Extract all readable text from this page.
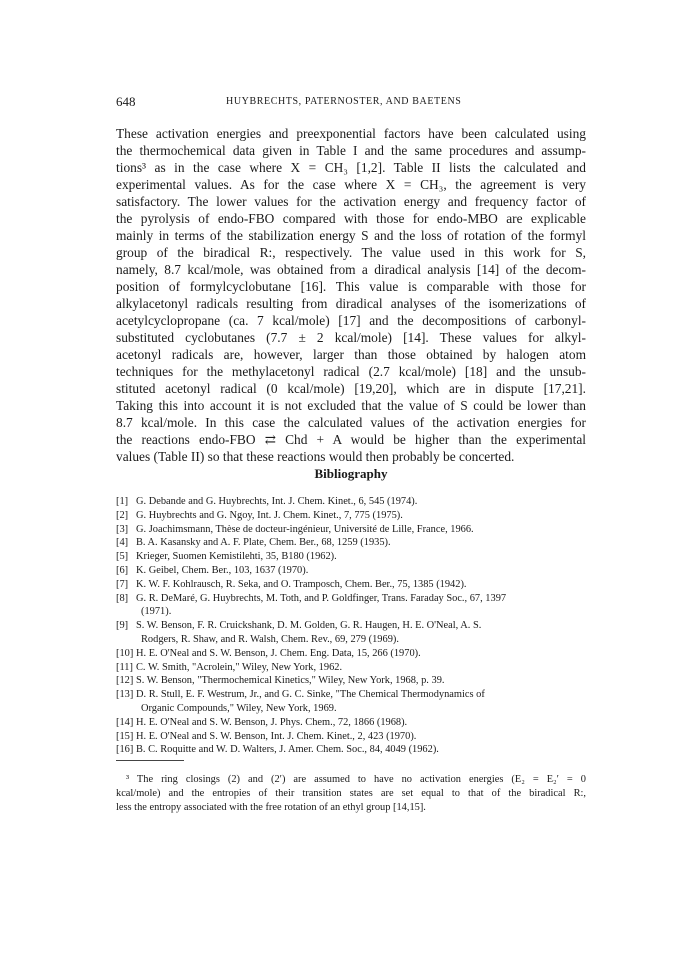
648	HUYBRECHTS, PATERNOSTER, AND BAETENS
These activation energies and preexponential factors have been calculated using
the thermochemical data given in Table I and the same procedures and assump-
tions³ as in the case where X = CH₃ [1,2]. Table II lists the calculated and
experimental values. As for the case where X = CH₃, the agreement is very
satisfactory. The lower values for the activation energy and frequency factor of
the pyrolysis of endo-FBO compared with those for endo-MBO are explicable
mainly in terms of the stabilization energy S and the loss of rotation of the formyl
group of the biradical R:, respectively. The value used in this work for S,
namely, 8.7 kcal/mole, was obtained from a diradical analysis [14] of the decom-
position of formylcyclobutane [16]. This value is comparable with those for
alkylacetonyl radicals resulting from diradical analyses of the isomerizations of
acetylcyclopropane (ca. 7 kcal/mole) [17] and the decompositions of carbonyl-
substituted cyclobutanes (7.7 ± 2 kcal/mole) [14]. These values for alkyl-
acetonyl radicals are, however, larger than those obtained by halogen atom
techniques for the methylacetonyl radical (2.7 kcal/mole) [18] and the unsub-
stituted acetonyl radical (0 kcal/mole) [19,20], which are in dispute [17,21].
Taking this into account it is not excluded that the value of S could be lower than
8.7 kcal/mole. In this case the calculated values of the activation energies for
the reactions endo-FBO ⇄ Chd + A would be higher than the experimental
values (Table II) so that these reactions would then probably be concerted.
Bibliography
[1] G. Debande and G. Huybrechts, Int. J. Chem. Kinet., 6, 545 (1974).
[2] G. Huybrechts and G. Ngoy, Int. J. Chem. Kinet., 7, 775 (1975).
[3] G. Joachimsmann, Thèse de docteur-ingénieur, Université de Lille, France, 1966.
[4] B. A. Kasansky and A. F. Plate, Chem. Ber., 68, 1259 (1935).
[5] Krieger, Suomen Kemistilehti, 35, B180 (1962).
[6] K. Geibel, Chem. Ber., 103, 1637 (1970).
[7] K. W. F. Kohlrausch, R. Seka, and O. Tramposch, Chem. Ber., 75, 1385 (1942).
[8] G. R. DeMaré, G. Huybrechts, M. Toth, and P. Goldfinger, Trans. Faraday Soc., 67, 1397
(1971).
[9] S. W. Benson, F. R. Cruickshank, D. M. Golden, G. R. Haugen, H. E. O'Neal, A. S.
Rodgers, R. Shaw, and R. Walsh, Chem. Rev., 69, 279 (1969).
[10] H. E. O'Neal and S. W. Benson, J. Chem. Eng. Data, 15, 266 (1970).
[11] C. W. Smith, "Acrolein," Wiley, New York, 1962.
[12] S. W. Benson, "Thermochemical Kinetics," Wiley, New York, 1968, p. 39.
[13] D. R. Stull, E. F. Westrum, Jr., and G. C. Sinke, "The Chemical Thermodynamics of
Organic Compounds," Wiley, New York, 1969.
[14] H. E. O'Neal and S. W. Benson, J. Phys. Chem., 72, 1866 (1968).
[15] H. E. O'Neal and S. W. Benson, Int. J. Chem. Kinet., 2, 423 (1970).
[16] B. C. Roquitte and W. D. Walters, J. Amer. Chem. Soc., 84, 4049 (1962).
³ The ring closings (2) and (2′) are assumed to have no activation energies (E₂ = E₂′ = 0
kcal/mole) and the entropies of their transition states are set equal to that of the biradical R:,
less the entropy associated with the free rotation of an ethyl group [14,15].
